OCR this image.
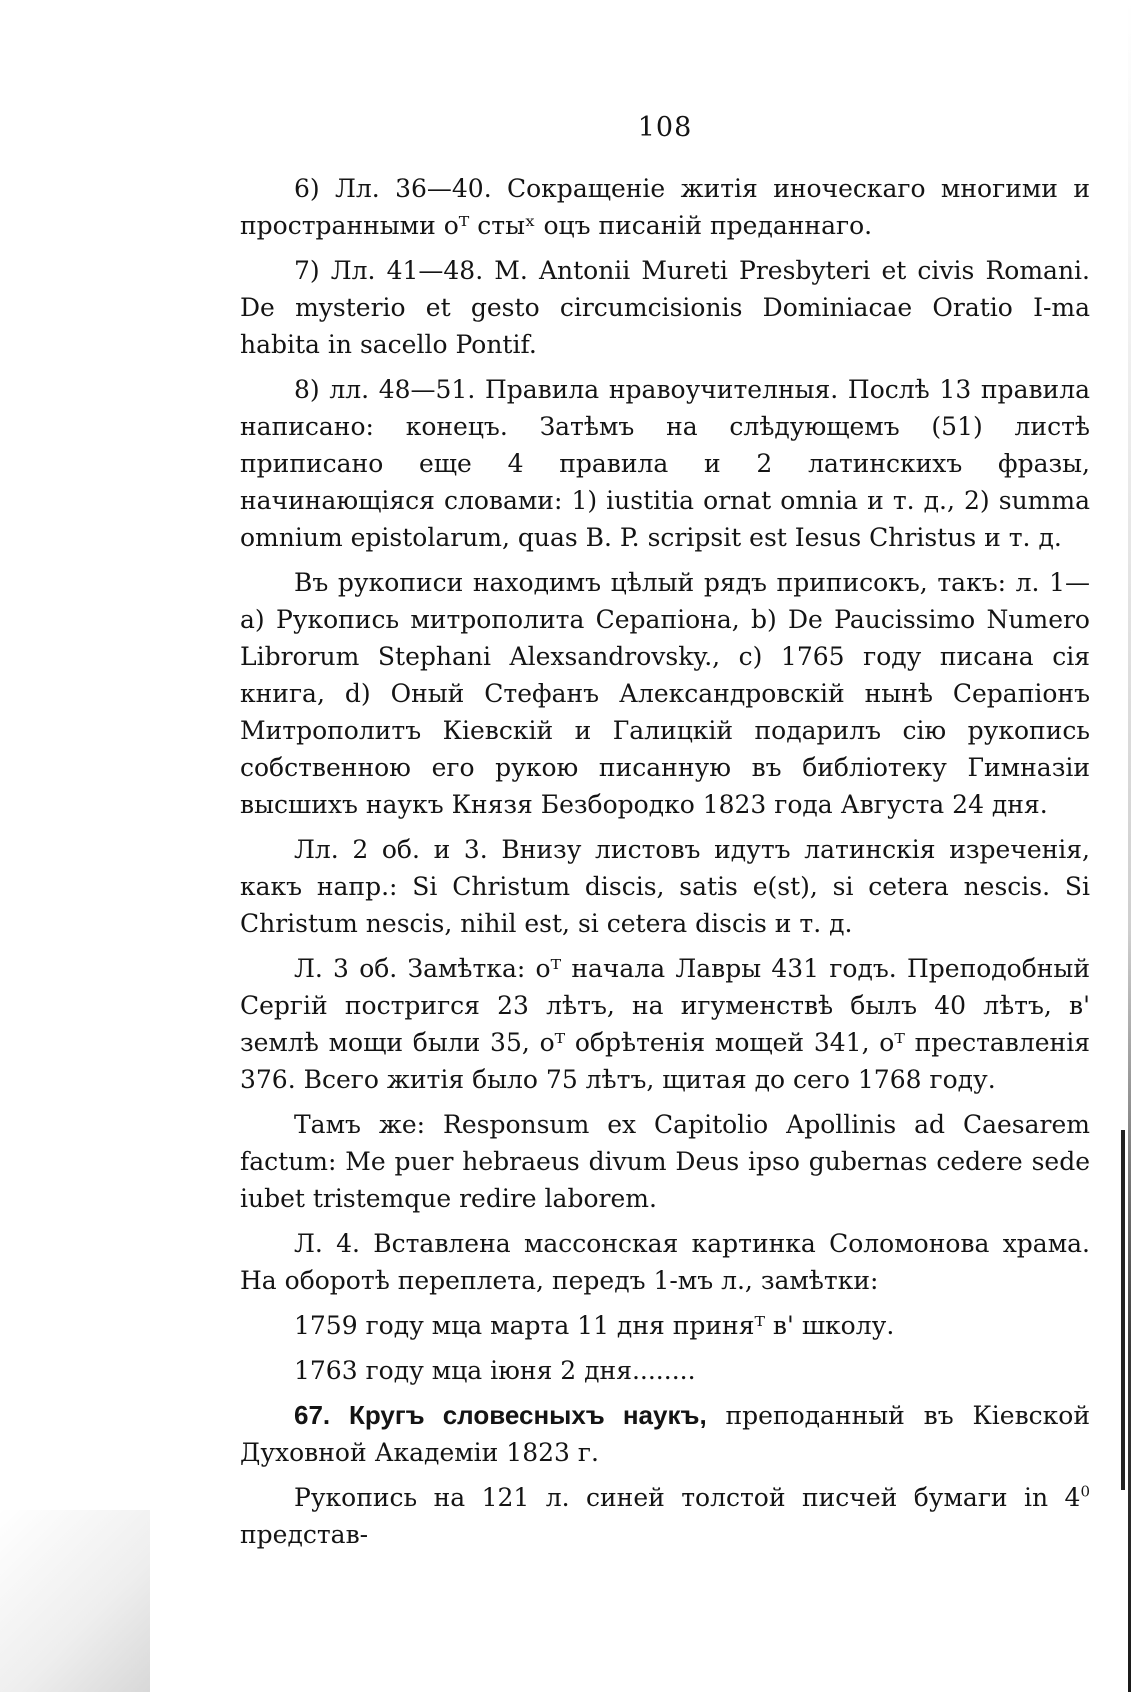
108

6) Лл. 36—40. Сокращеніе житія иноческаго многими и пространными оᵀ стыˣ оцъ писаній преданнаго.

7) Лл. 41—48. M. Antonii Mureti Presbyteri et civis Romani. De mysterio et gesto circumcisionis Dominiacae Oratio I-ma habita in sacello Pontif.

8) лл. 48—51. Правила нравоучителныя. Послѣ 13 правила написано: конецъ. Затѣмъ на слѣдующемъ (51) листѣ приписано еще 4 правила и 2 латинскихъ фразы, начинающіяся словами: 1) iustitia ornat omnia и т. д., 2) summa omnium epistolarum, quas B. P. scripsit est Iesus Christus и т. д.

Въ рукописи находимъ цѣлый рядъ приписокъ, такъ: л. 1—а) Рукопись митрополита Серапіона, b) De Paucissimo Numero Librorum Stephani Alexsandrovsky., c) 1765 году писана сія книга, d) Оный Стефанъ Александровскій нынѣ Серапіонъ Митрополитъ Кіевскій и Галицкій подарилъ сію рукопись собственною его рукою писанную въ библіотеку Гимназіи высшихъ наукъ Князя Безбородко 1823 года Августа 24 дня.

Лл. 2 об. и 3. Внизу листовъ идутъ латинскія изреченія, какъ напр.: Si Christum discis, satis e(st), si cetera nescis. Si Christum nescis, nihil est, si cetera discis и т. д.

Л. 3 об. Замѣтка: оᵀ начала Лавры 431 годъ. Преподобный Сергій постригся 23 лѣтъ, на игуменствѣ былъ 40 лѣтъ, в' землѣ мощи были 35, оᵀ обрѣтенія мощей 341, оᵀ преставленія 376. Всего житія было 75 лѣтъ, щитая до сего 1768 году.

Тамъ же: Responsum ex Capitolio Apollinis ad Caesarem factum: Me puer hebraeus divum Deus ipso gubernas cedere sede iubet tristemque redire laborem.

Л. 4. Вставлена массонская картинка Соломонова храма. На оборотѣ переплета, передъ 1-мъ л., замѣтки:

1759 году мца марта 11 дня приняᵀ в' школу.

1763 году мца іюня 2 дня........

67. Кругъ словесныхъ наукъ, преподанный въ Кіевской Духовной Академіи 1823 г.

Рукопись на 121 л. синей толстой писчей бумаги in $4^0$ представ-
